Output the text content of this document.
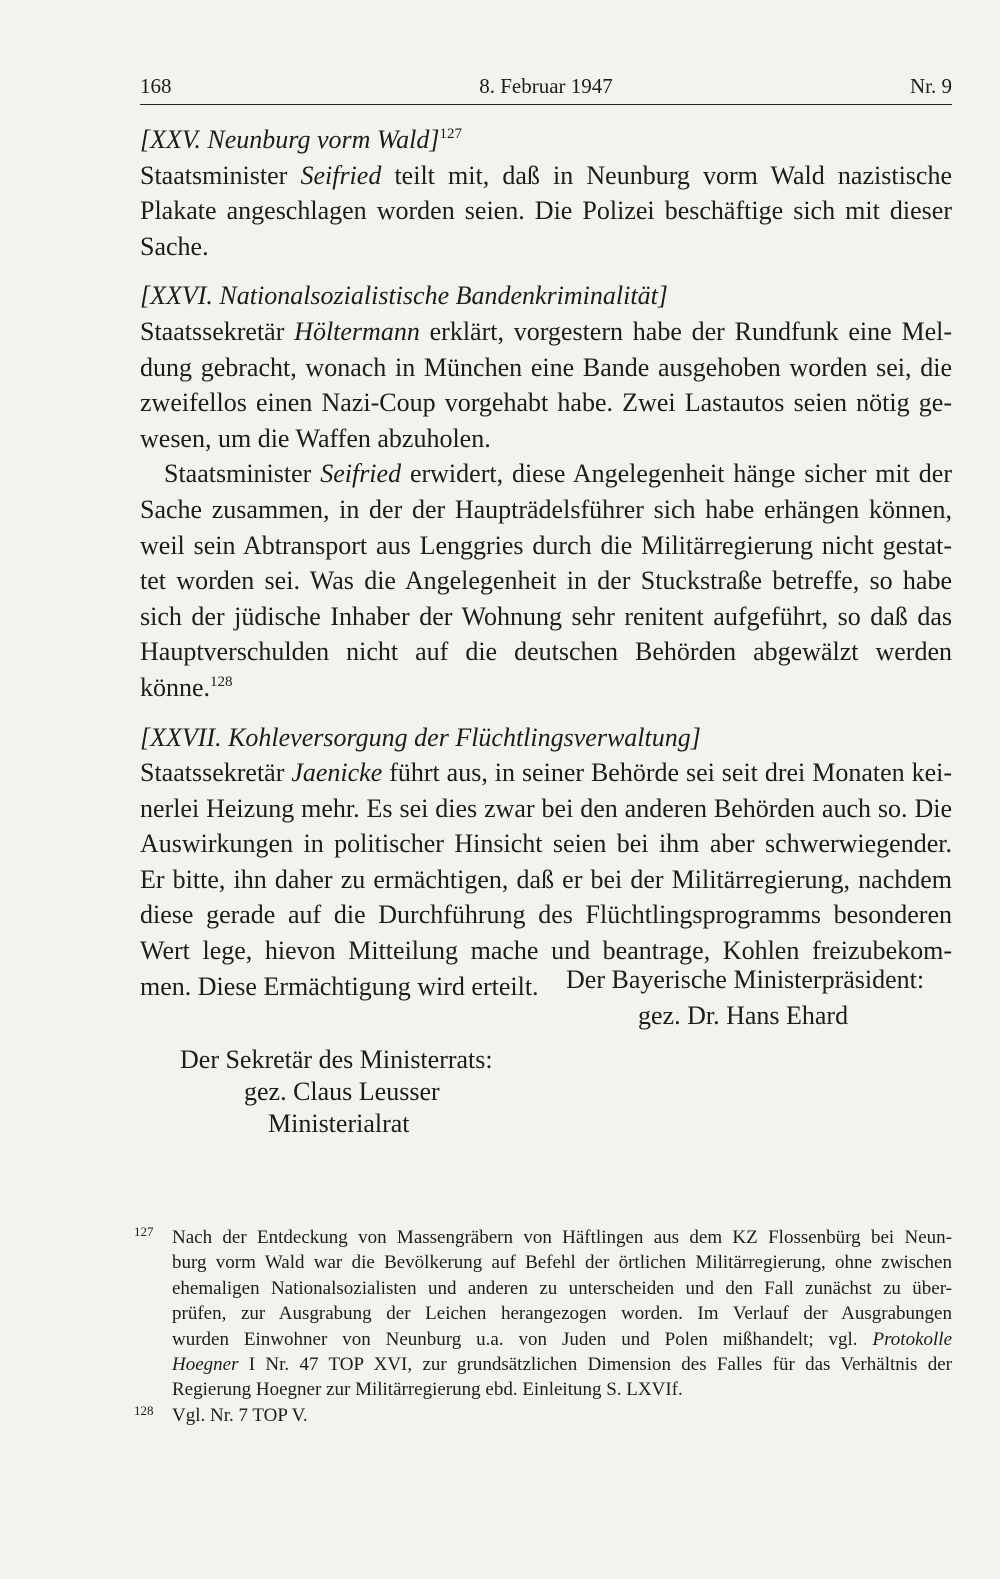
168	8. Februar 1947	Nr. 9
[XXV. Neunburg vorm Wald]$^{127}$
Staatsminister Seifried teilt mit, daß in Neunburg vorm Wald nazistische
Plakate angeschlagen worden seien. Die Polizei beschäftige sich mit dieser
Sache.
[XXVI. Nationalsozialistische Bandenkriminalität]
Staatssekretär Höltermann erklärt, vorgestern habe der Rundfunk eine Mel-
dung gebracht, wonach in München eine Bande ausgehoben worden sei, die
zweifellos einen Nazi-Coup vorgehabt habe. Zwei Lastautos seien nötig ge-
wesen, um die Waffen abzuholen.
Staatsminister Seifried erwidert, diese Angelegenheit hänge sicher mit der
Sache zusammen, in der der Haupträdelsführer sich habe erhängen können,
weil sein Abtransport aus Lenggries durch die Militärregierung nicht gestat-
tet worden sei. Was die Angelegenheit in der Stuckstraße betreffe, so habe
sich der jüdische Inhaber der Wohnung sehr renitent aufgeführt, so daß das
Hauptverschulden nicht auf die deutschen Behörden abgewälzt werden
könne.$^{128}$
[XXVII. Kohleversorgung der Flüchtlingsverwaltung]
Staatssekretär Jaenicke führt aus, in seiner Behörde sei seit drei Monaten kei-
nerlei Heizung mehr. Es sei dies zwar bei den anderen Behörden auch so. Die
Auswirkungen in politischer Hinsicht seien bei ihm aber schwerwiegender.
Er bitte, ihn daher zu ermächtigen, daß er bei der Militärregierung, nachdem
diese gerade auf die Durchführung des Flüchtlingsprogramms besonderen
Wert lege, hievon Mitteilung mache und beantrage, Kohlen freizubekom-
men. Diese Ermächtigung wird erteilt.	Der Bayerische Ministerpräsident:
gez. Dr. Hans Ehard
Der Sekretär des Ministerrats:
gez. Claus Leusser
Ministerialrat
127 Nach der Entdeckung von Massengräbern von Häftlingen aus dem KZ Flossenbürg bei Neun-
burg vorm Wald war die Bevölkerung auf Befehl der örtlichen Militärregierung, ohne zwischen
ehemaligen Nationalsozialisten und anderen zu unterscheiden und den Fall zunächst zu über-
prüfen, zur Ausgrabung der Leichen herangezogen worden. Im Verlauf der Ausgrabungen
wurden Einwohner von Neunburg u.a. von Juden und Polen mißhandelt; vgl. Protokolle
Hoegner I Nr. 47 TOP XVI, zur grundsätzlichen Dimension des Falles für das Verhältnis der
Regierung Hoegner zur Militärregierung ebd. Einleitung S. LXVIf.
128 Vgl. Nr. 7 TOP V.
